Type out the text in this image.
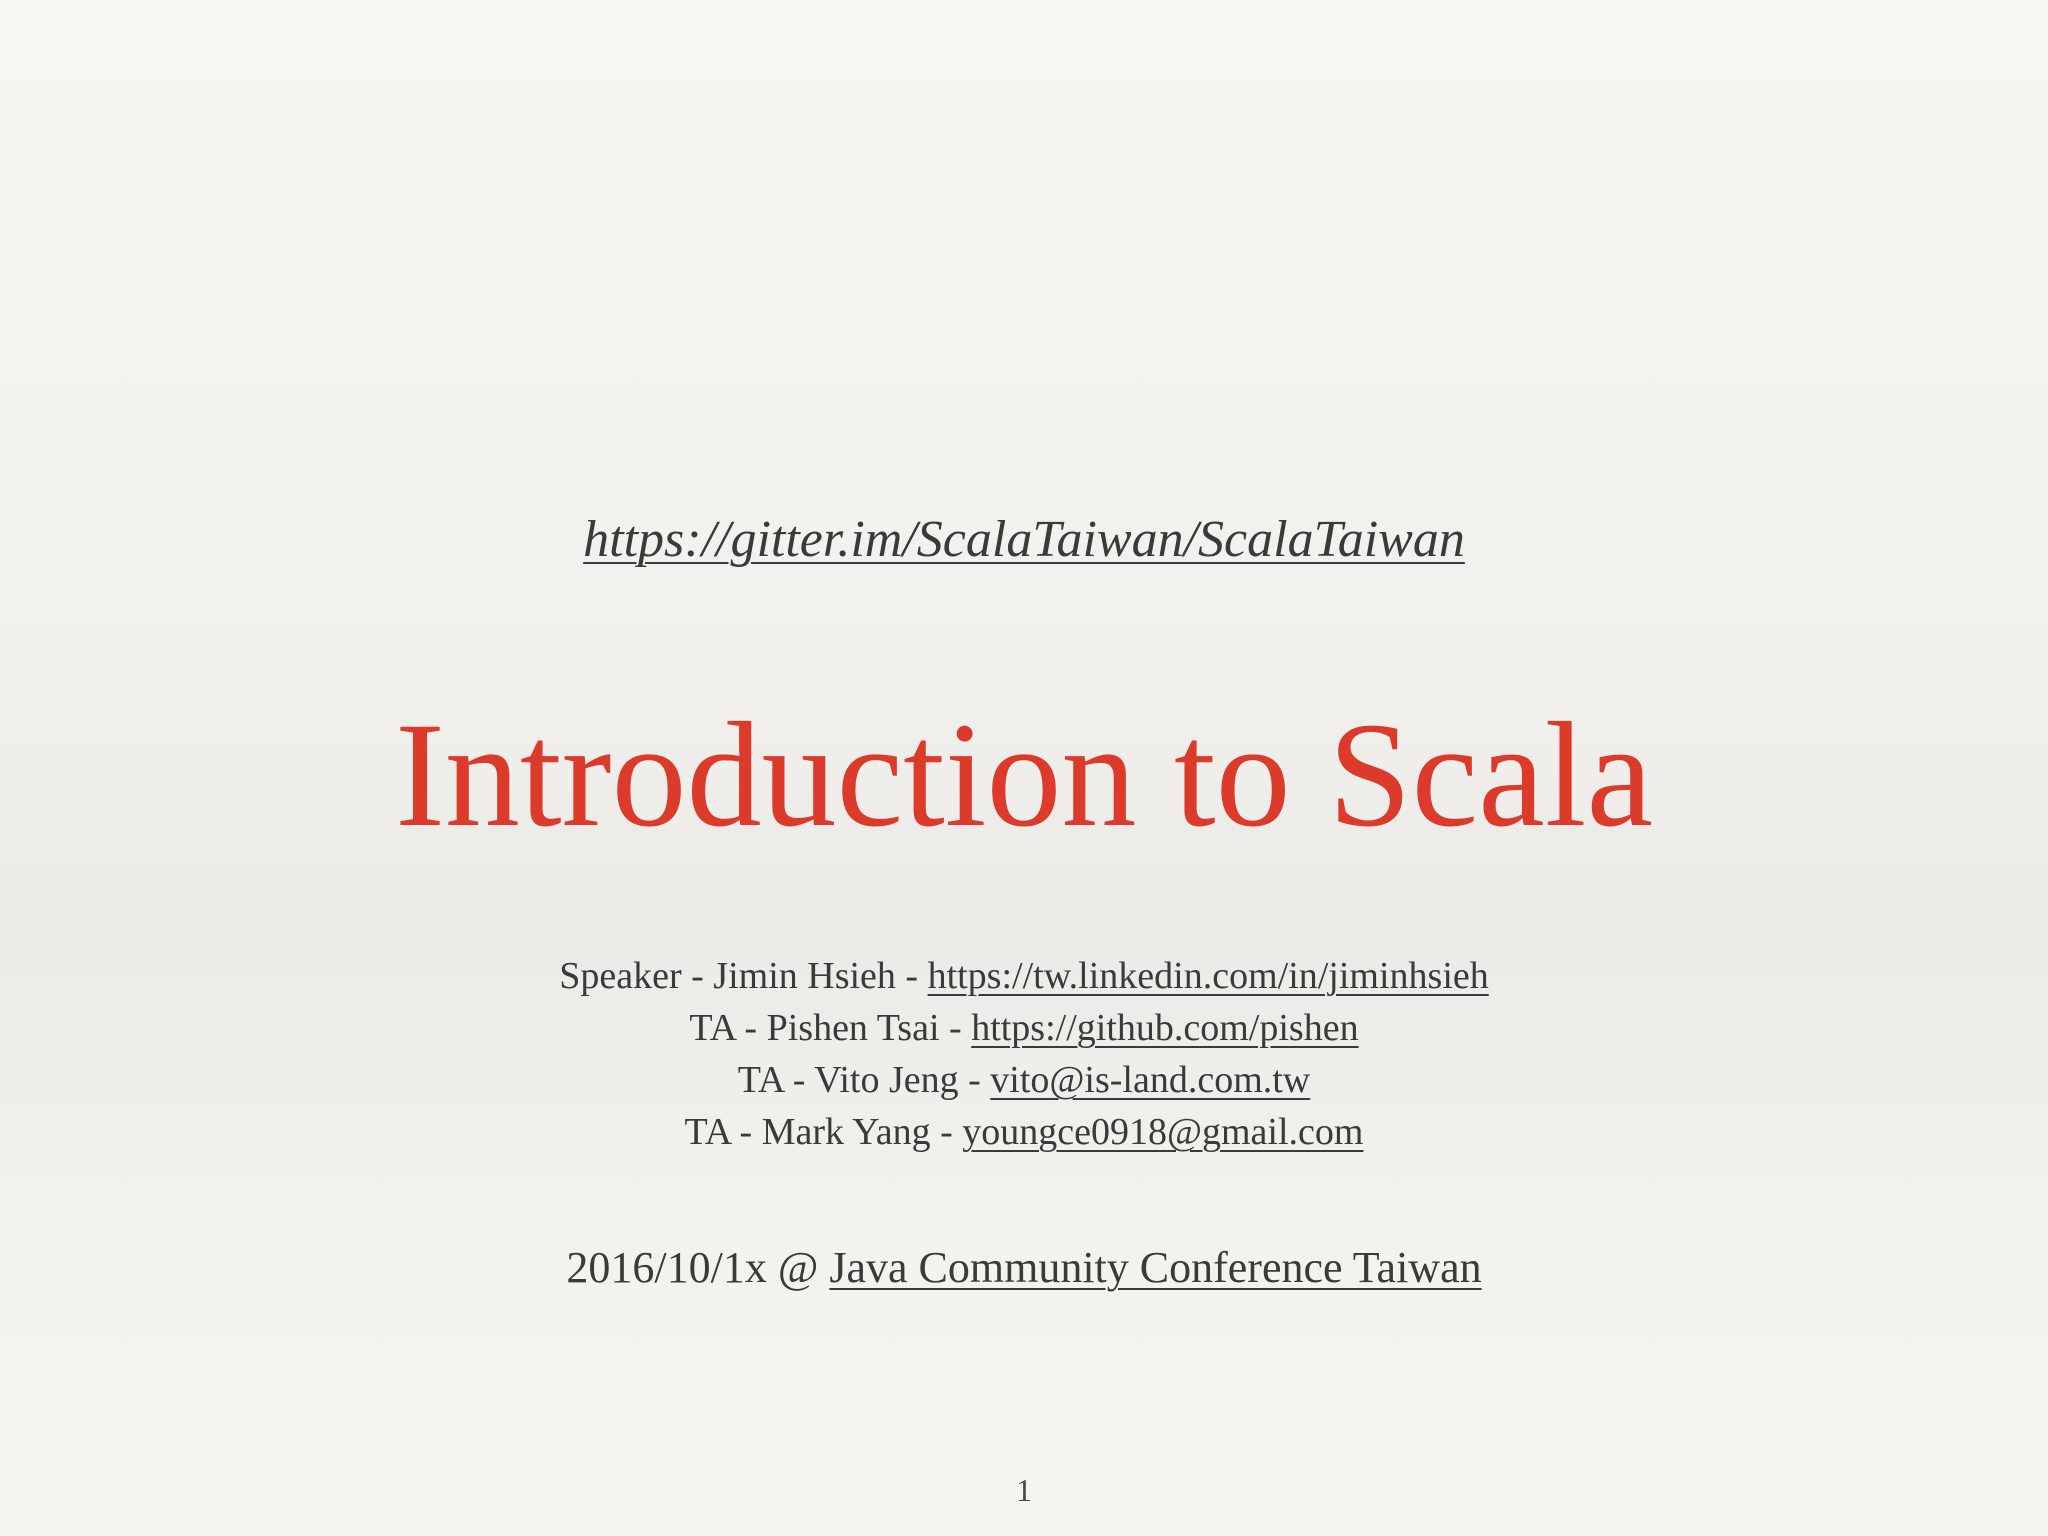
https://gitter.im/ScalaTaiwan/ScalaTaiwan
Introduction to Scala
Speaker - Jimin Hsieh - https://tw.linkedin.com/in/jiminhsieh
TA - Pishen Tsai - https://github.com/pishen
TA - Vito Jeng - vito@is-land.com.tw
TA - Mark Yang - youngce0918@gmail.com
2016/10/1x @ Java Community Conference Taiwan
1
